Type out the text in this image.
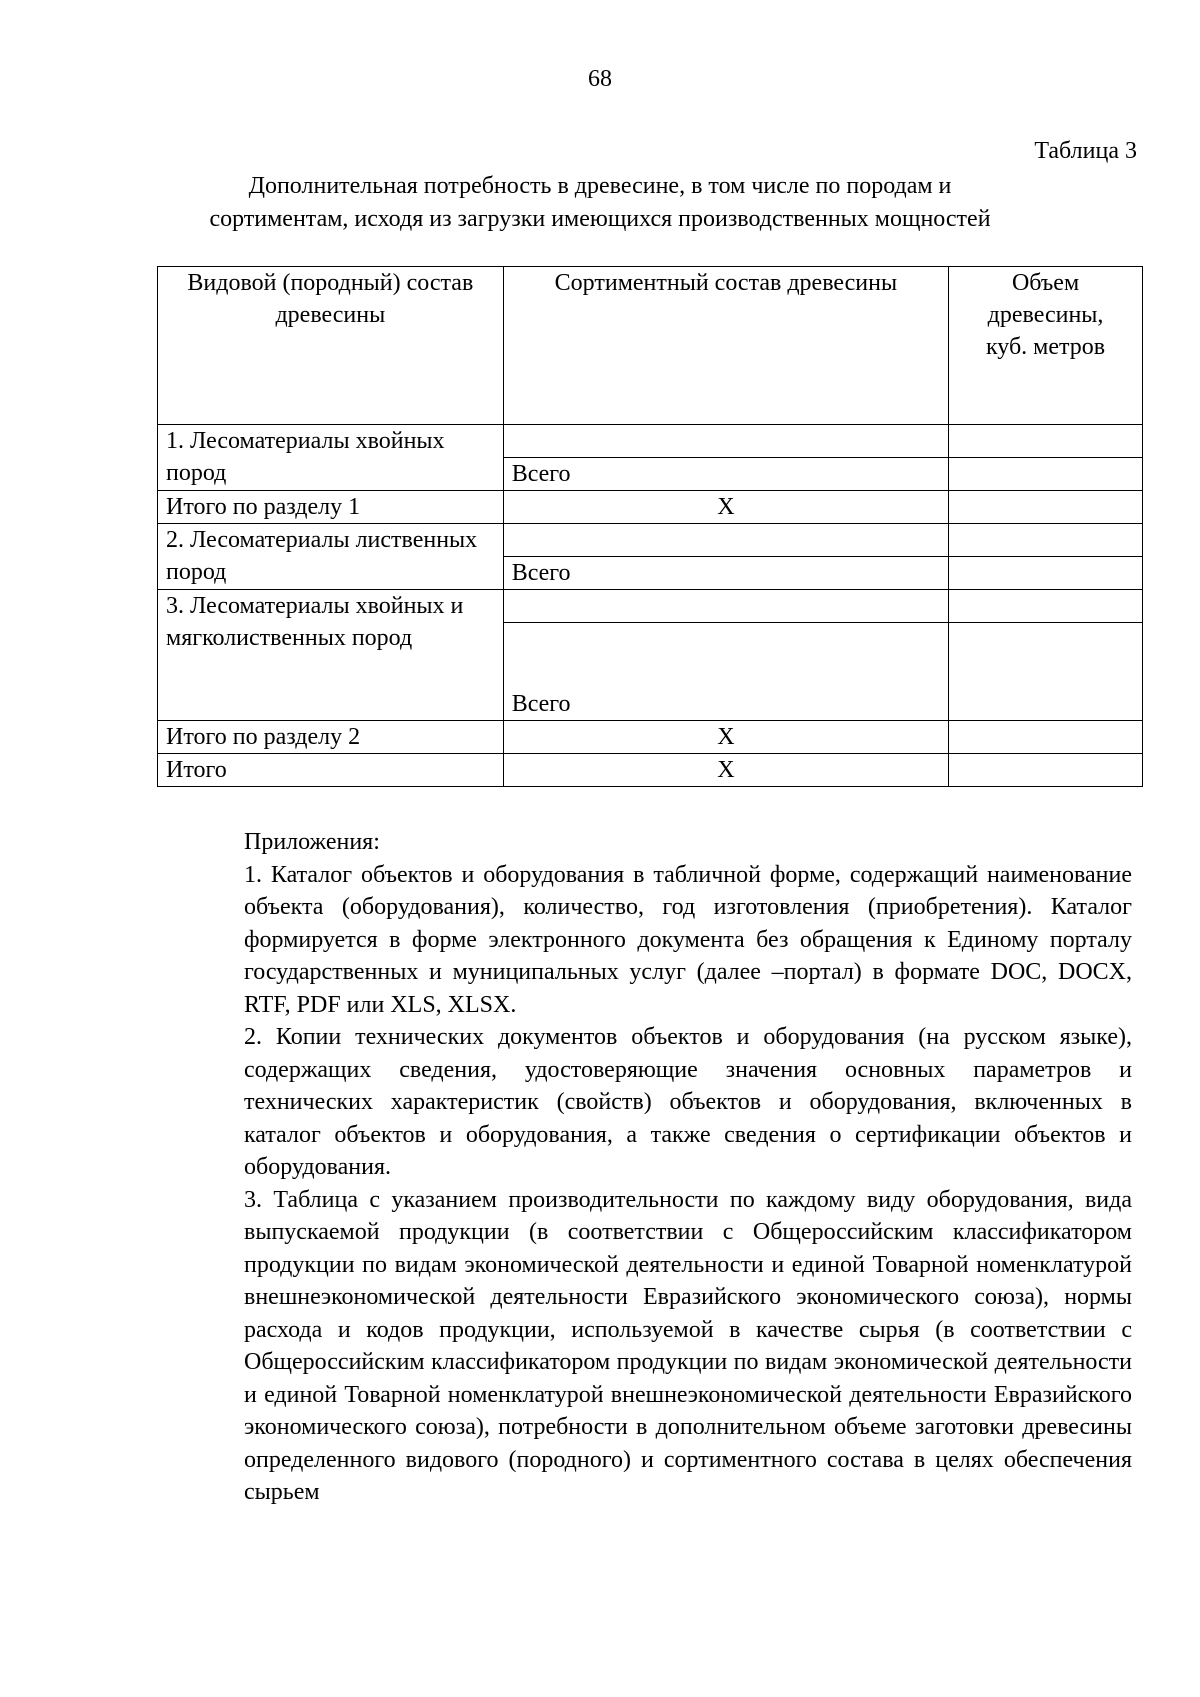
68
Таблица 3
Дополнительная потребность в древесине, в том числе по породам и
сортиментам, исходя из загрузки имеющихся производственных мощностей
Видовой (породный) состав древесины	Сортиментный состав древесины	Объем
древесины,
куб. метров

1. Лесоматериалы хвойных пород		
	Всего	
Итого по разделу 1	Х	
2. Лесоматериалы лиственных пород		
	Всего	
3. Лесоматериалы хвойных и мягколиственных пород		
	Всего	
Итого по разделу 2	Х	
Итого	Х	

Приложения:

1. Каталог объектов и оборудования в табличной форме, содержащий наименование объекта (оборудования), количество, год изготовления (приобретения). Каталог формируется в форме электронного документа без обращения к Единому порталу государственных и муниципальных услуг (далее –портал) в формате DOC, DOCX, RTF, PDF или XLS, XLSX.

2. Копии технических документов объектов и оборудования (на русском языке), содержащих сведения, удостоверяющие значения основных параметров и технических характеристик (свойств) объектов и оборудования, включенных в каталог объектов и оборудования, а также сведения о сертификации объектов и оборудования.

3. Таблица с указанием производительности по каждому виду оборудования, вида выпускаемой продукции (в соответствии с Общероссийским классификатором продукции по видам экономической деятельности и единой Товарной номенклатурой внешнеэкономической деятельности Евразийского экономического союза), нормы расхода и кодов продукции, используемой в качестве сырья (в соответствии с Общероссийским классификатором продукции по видам экономической деятельности и единой Товарной номенклатурой внешнеэкономической деятельности Евразийского экономического союза), потребности в дополнительном объеме заготовки древесины определенного видового (породного) и сортиментного состава в целях обеспечения сырьем
